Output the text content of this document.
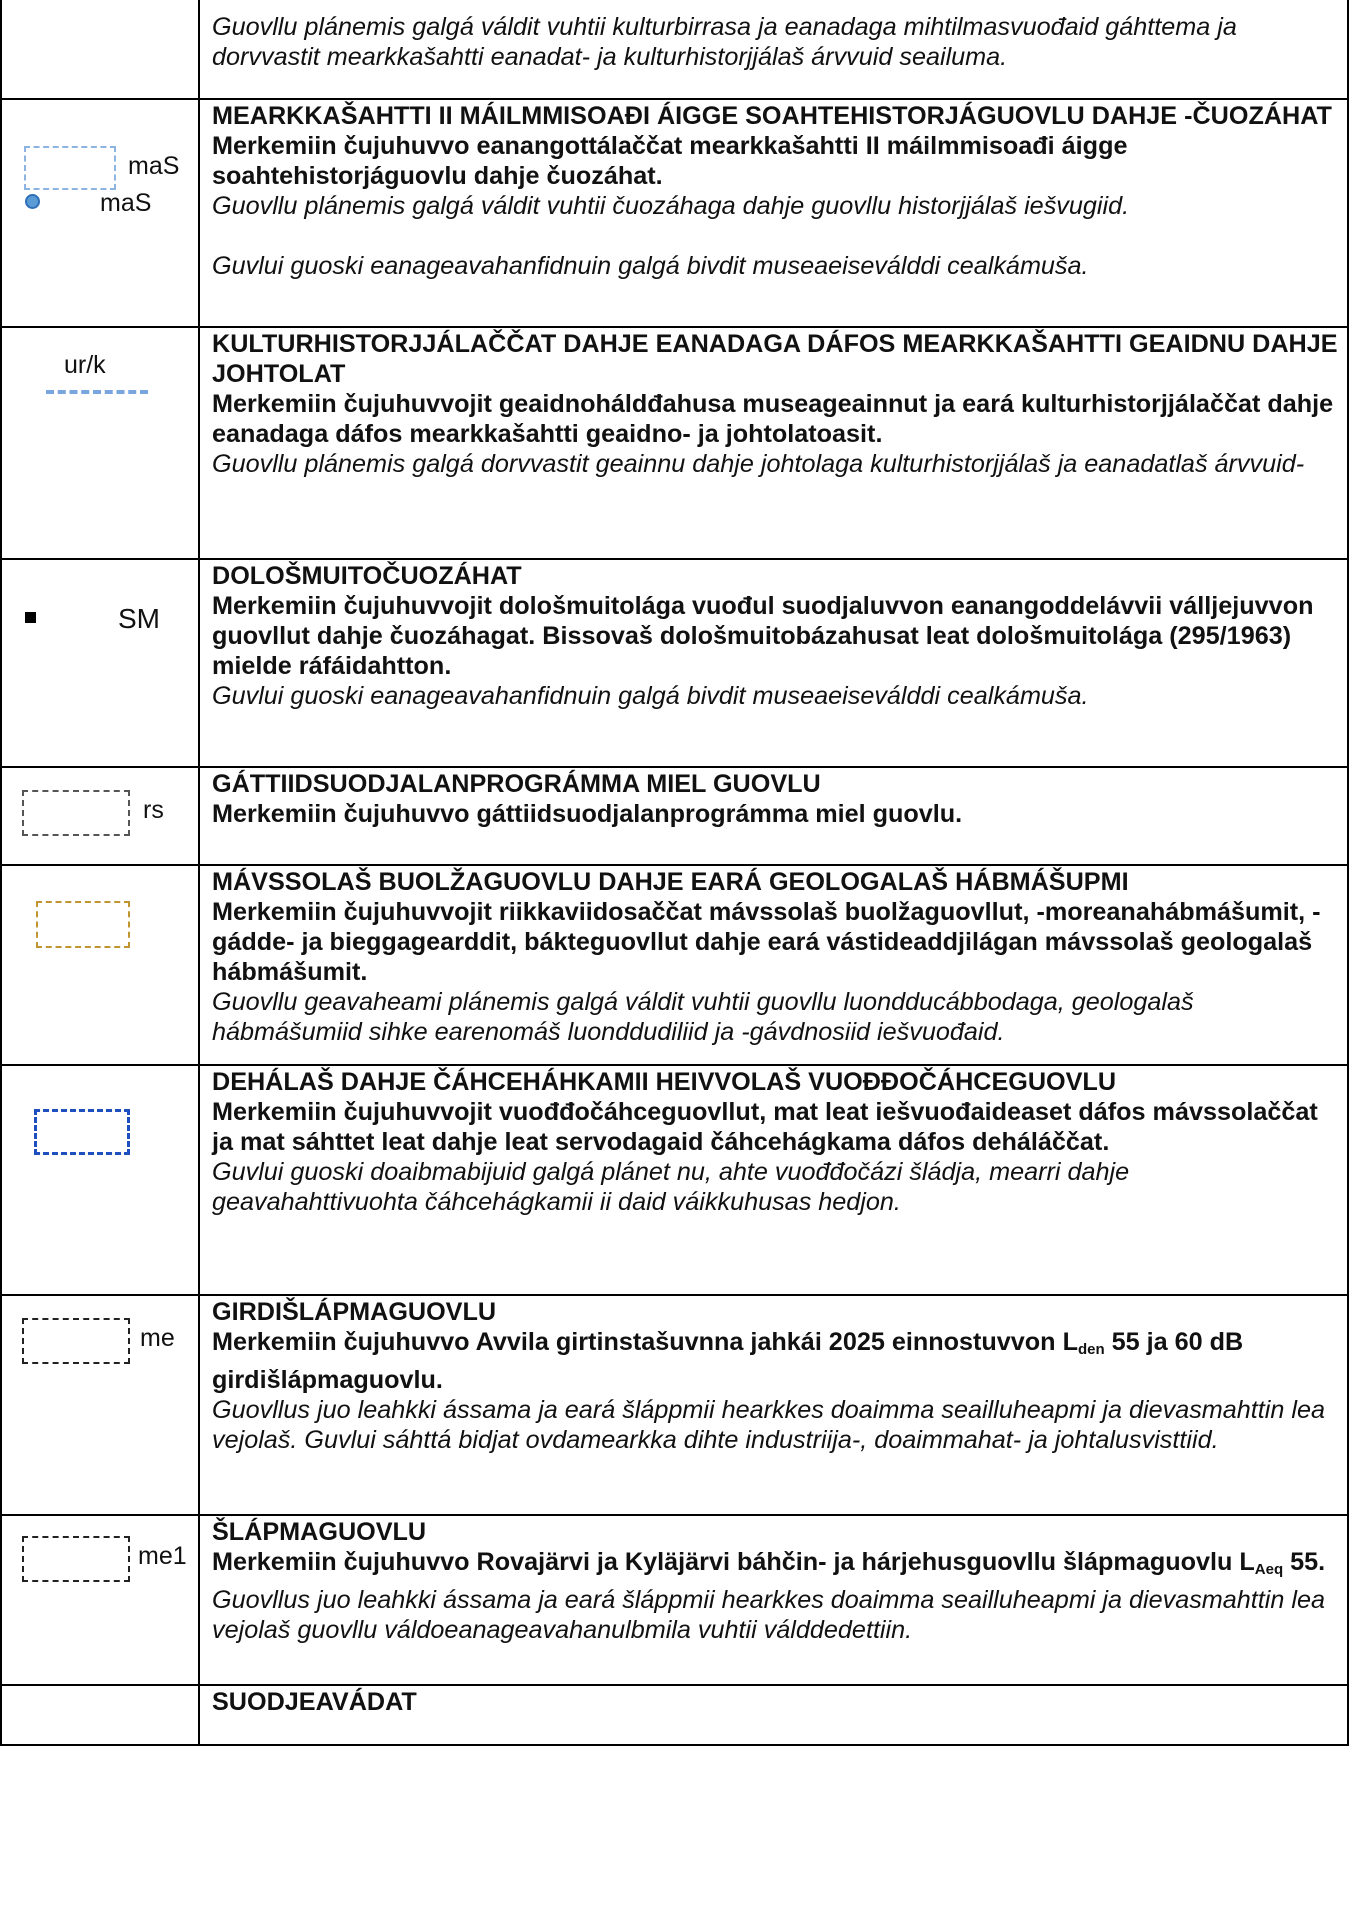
	Guovllu plánemis galgá váldit vuhtii kulturbirrasa ja eanadaga mihtilmasvuođaid gáhttema ja dorvvastit mearkkašahtti eanadat- ja kulturhistorjjálaš árvvuid seailuma.

maS
maS	MEARKKAŠAHTTI II MÁILMMISOAĐI ÁIGGE SOAHTEHISTORJÁGUOVLU DAHJE -ČUOZÁHAT
Merkemiin čujuhuvvo eanangottálaččat mearkkašahtti II máilmmisoađi áigge soahtehistorjáguovlu dahje čuozáhat.
Guovllu plánemis galgá váldit vuhtii čuozáhaga dahje guovllu historjjálaš iešvugiid.
Guvlui guoski eanageavahanfidnuin galgá bivdit museaeiseválddi cealkámuša.

ur/k	KULTURHISTORJJÁLAČČAT DAHJE EANADAGA DÁFOS MEARKKAŠAHTTI GEAIDNU DAHJE JOHTOLAT
Merkemiin čujuhuvvojit geaidnoháldđahusa museageainnut ja eará kulturhistorjjálaččat dahje eanadaga dáfos mearkkašahtti geaidno- ja johtolatoasit.
Guovllu plánemis galgá dorvvastit geainnu dahje johtolaga kulturhistorjjálaš ja eanadatlaš árvvuid-

SM	DOLOŠMUITOČUOZÁHAT
Merkemiin čujuhuvvojit dološmuitolága vuođul suodjaluvvon eanangoddelávvii válljejuvvon guovllut dahje čuozáhagat. Bissovaš dološmuitobázahusat leat dološmuitolága (295/1963) mielde ráfáidahtton.
Guvlui guoski eanageavahanfidnuin galgá bivdit museaeiseválddi cealkámuša.

rs	GÁTTIIDSUODJALANPROGRÁMMA MIEL GUOVLU
Merkemiin čujuhuvvo gáttiidsuodjalanprográmma miel guovlu.

	MÁVSSOLAŠ BUOLŽAGUOVLU DAHJE EARÁ GEOLOGALAŠ HÁBMÁŠUPMI
Merkemiin čujuhuvvojit riikkaviidosaččat mávssolaš buolžaguovllut, -moreanahábmášumit, -gádde- ja bieggagearddit, bákteguovllut dahje eará vástideaddjilágan mávssolaš geologalaš hábmášumit.
Guovllu geavaheami plánemis galgá váldit vuhtii guovllu luondducábbodaga, geologalaš hábmášumiid sihke earenomáš luonddudiliid ja -gávdnosiid iešvuođaid.

	DEHÁLAŠ DAHJE ČÁHCEHÁHKAMII HEIVVOLAŠ VUOĐĐOČÁHCEGUOVLU
Merkemiin čujuhuvvojit vuođđočáhceguovllut, mat leat iešvuođaideaset dáfos mávssolaččat ja mat sáhttet leat dahje leat servodagaid čáhcehágkama dáfos deháláččat.
Guvlui guoski doaibmabijuid galgá plánet nu, ahte vuođđočázi šládja, mearri dahje geavahahttivuohta čáhcehágkamii ii daid váikkuhusas hedjon.

me	GIRDIŠLÁPMAGUOVLU
Merkemiin čujuhuvvo Avvila girtinstašuvnna jahkái 2025 einnostuvvon $L_{den}$ 55 ja 60 dB girdišlápmaguovlu.
Guovllus juo leahkki ássama ja eará šláppmii hearkkes doaimma seailluheapmi ja dievasmahttin lea vejolaš. Guvlui sáhttá bidjat ovdamearkka dihte industriija-, doaimmahat- ja johtalusvisttiid.

me1	ŠLÁPMAGUOVLU
Merkemiin čujuhuvvo Rovajärvi ja Kyläjärvi báhčin- ja hárjehusguovllu šlápmaguovlu $L_{Aeq}$ 55.
Guovllus juo leahkki ássama ja eará šláppmii hearkkes doaimma seailluheapmi ja dievasmahttin lea vejolaš guovllu váldoeanageavahanulbmila vuhtii válddedettiin.

	SUODJEAVÁDAT
